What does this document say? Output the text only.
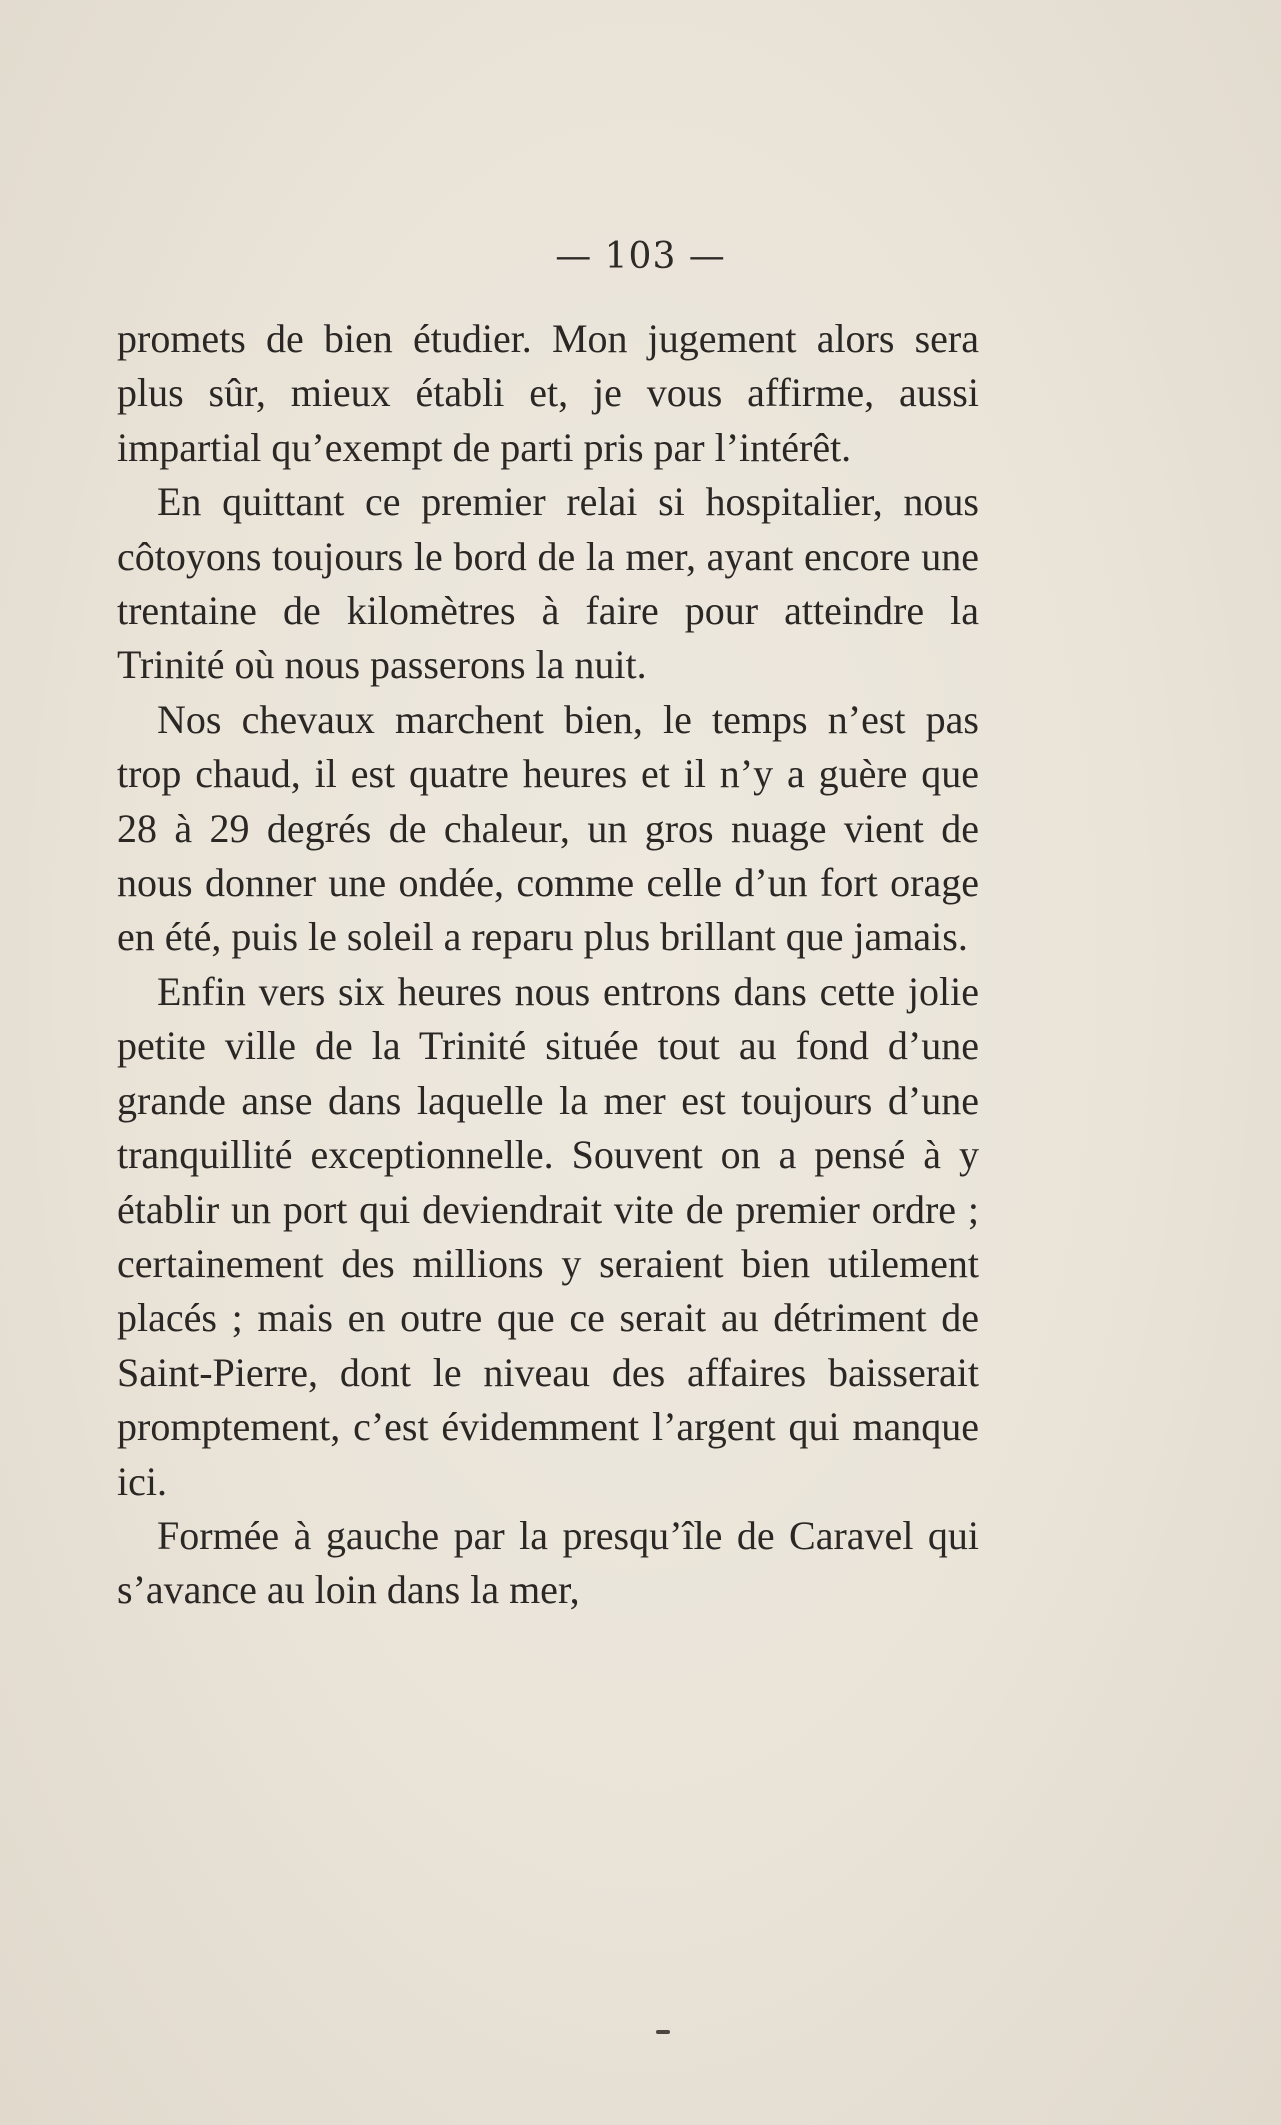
— 103 —

promets de bien étudier. Mon jugement alors sera plus sûr, mieux établi et, je vous affirme, aussi impartial qu’exempt de parti pris par l’intérêt.

En quittant ce premier relai si hospitalier, nous côtoyons toujours le bord de la mer, ayant encore une trentaine de kilomètres à faire pour atteindre la Trinité où nous passerons la nuit.

Nos chevaux marchent bien, le temps n’est pas trop chaud, il est quatre heures et il n’y a guère que 28 à 29 degrés de chaleur, un gros nuage vient de nous donner une ondée, comme celle d’un fort orage en été, puis le soleil a reparu plus brillant que jamais.

Enfin vers six heures nous entrons dans cette jolie petite ville de la Trinité située tout au fond d’une grande anse dans laquelle la mer est toujours d’une tranquillité exceptionnelle. Souvent on a pensé à y établir un port qui deviendrait vite de premier ordre ; certainement des millions y seraient bien utilement placés ; mais en outre que ce serait au détriment de Saint-Pierre, dont le niveau des affaires baisserait promptement, c’est évidemment l’argent qui manque ici.

Formée à gauche par la presqu’île de Caravel qui s’avance au loin dans la mer,
